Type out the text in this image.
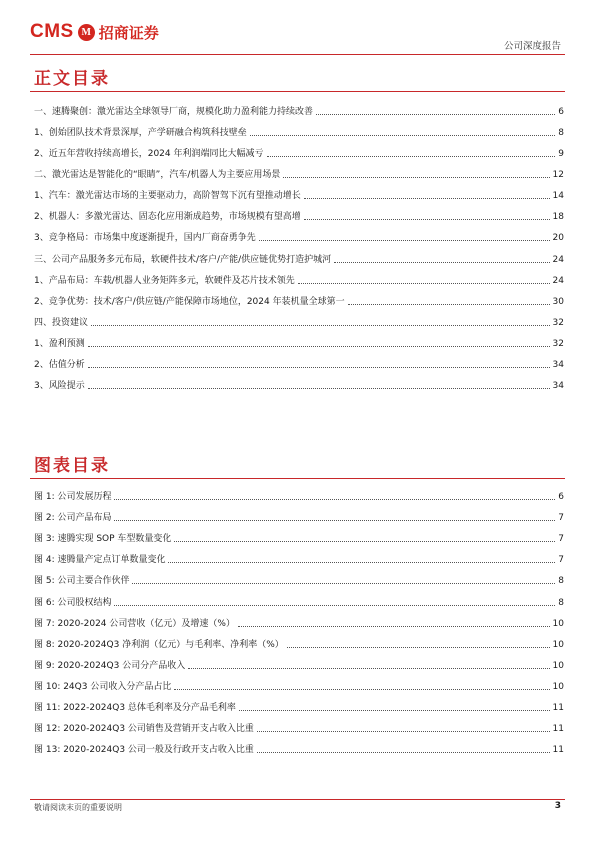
CMS M 招商证券
公司深度报告
正文目录
一、速腾聚创：激光雷达全球领导厂商，规模化助力盈利能力持续改善	6
1、创始团队技术背景深厚，产学研融合构筑科技壁垒	8
2、近五年营收持续高增长，2024 年利润端同比大幅减亏	9
二、激光雷达是智能化的“眼睛”，汽车/机器人为主要应用场景	12
1、汽车：激光雷达市场的主要驱动力，高阶智驾下沉有望推动增长	14
2、机器人：多激光雷达、固态化应用渐成趋势，市场规模有望高增	18
3、竞争格局：市场集中度逐渐提升，国内厂商奋勇争先	20
三、公司产品服务多元布局，软硬件技术/客户/产能/供应链优势打造护城河	24
1、产品布局：车载/机器人业务矩阵多元，软硬件及芯片技术领先	24
2、竞争优势：技术/客户/供应链/产能保障市场地位，2024 年装机量全球第一	30
四、投资建议	32
1、盈利预测	32
2、估值分析	34
3、风险提示	34
图表目录
图 1: 公司发展历程	6
图 2: 公司产品布局	7
图 3: 速腾实现 SOP 车型数量变化	7
图 4: 速腾量产定点订单数量变化	7
图 5: 公司主要合作伙伴	8
图 6: 公司股权结构	8
图 7: 2020-2024 公司营收（亿元）及增速（%）	10
图 8: 2020-2024Q3 净利润（亿元）与毛利率、净利率（%）	10
图 9: 2020-2024Q3 公司分产品收入	10
图 10: 24Q3 公司收入分产品占比	10
图 11: 2022-2024Q3 总体毛利率及分产品毛利率	11
图 12: 2020-2024Q3 公司销售及营销开支占收入比重	11
图 13: 2020-2024Q3 公司一般及行政开支占收入比重	11
敬请阅读末页的重要说明	3
